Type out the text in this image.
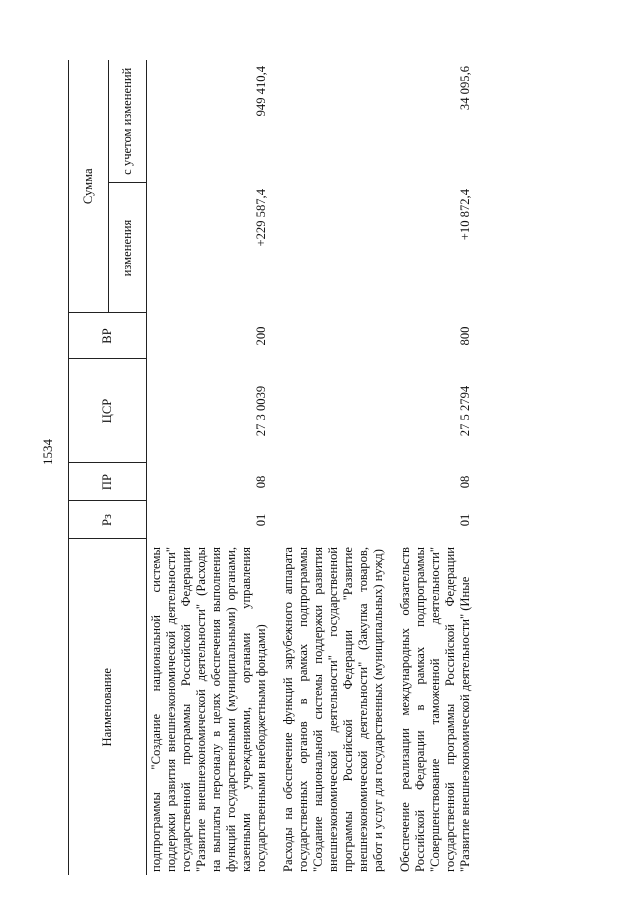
1534
Наименование	Рз	ПР	ЦСР	ВР	Сумма	
					изменения	с учетом изменений
подпрограммы "Создание национальной системы поддержки развития внешнеэкономической деятельности" государственной программы Российской Федерации "Развитие внешнеэкономической деятельности" (Расходы на выплаты персоналу в целях обеспечения выполнения функций государственными (муниципальными) органами, казенными учреждениями, органами управления государственными внебюджетными фондами)	01	08	27 3 0039	200	+229 587,4	949 410,4
Расходы на обеспечение функций зарубежного аппарата государственных органов в рамках подпрограммы "Создание национальной системы поддержки развития внешнеэкономической деятельности" государственной программы Российской Федерации "Развитие внешнеэкономической деятельности" (Закупка товаров, работ и услуг для государственных (муниципальных) нужд)						
Обеспечение реализации международных обязательств Российской Федерации в рамках подпрограммы "Совершенствование таможенной деятельности" государственной программы Российской Федерации "Развитие внешнеэкономической деятельности" (Иные	01	08	27 5 2794	800	+10 872,4	34 095,6
